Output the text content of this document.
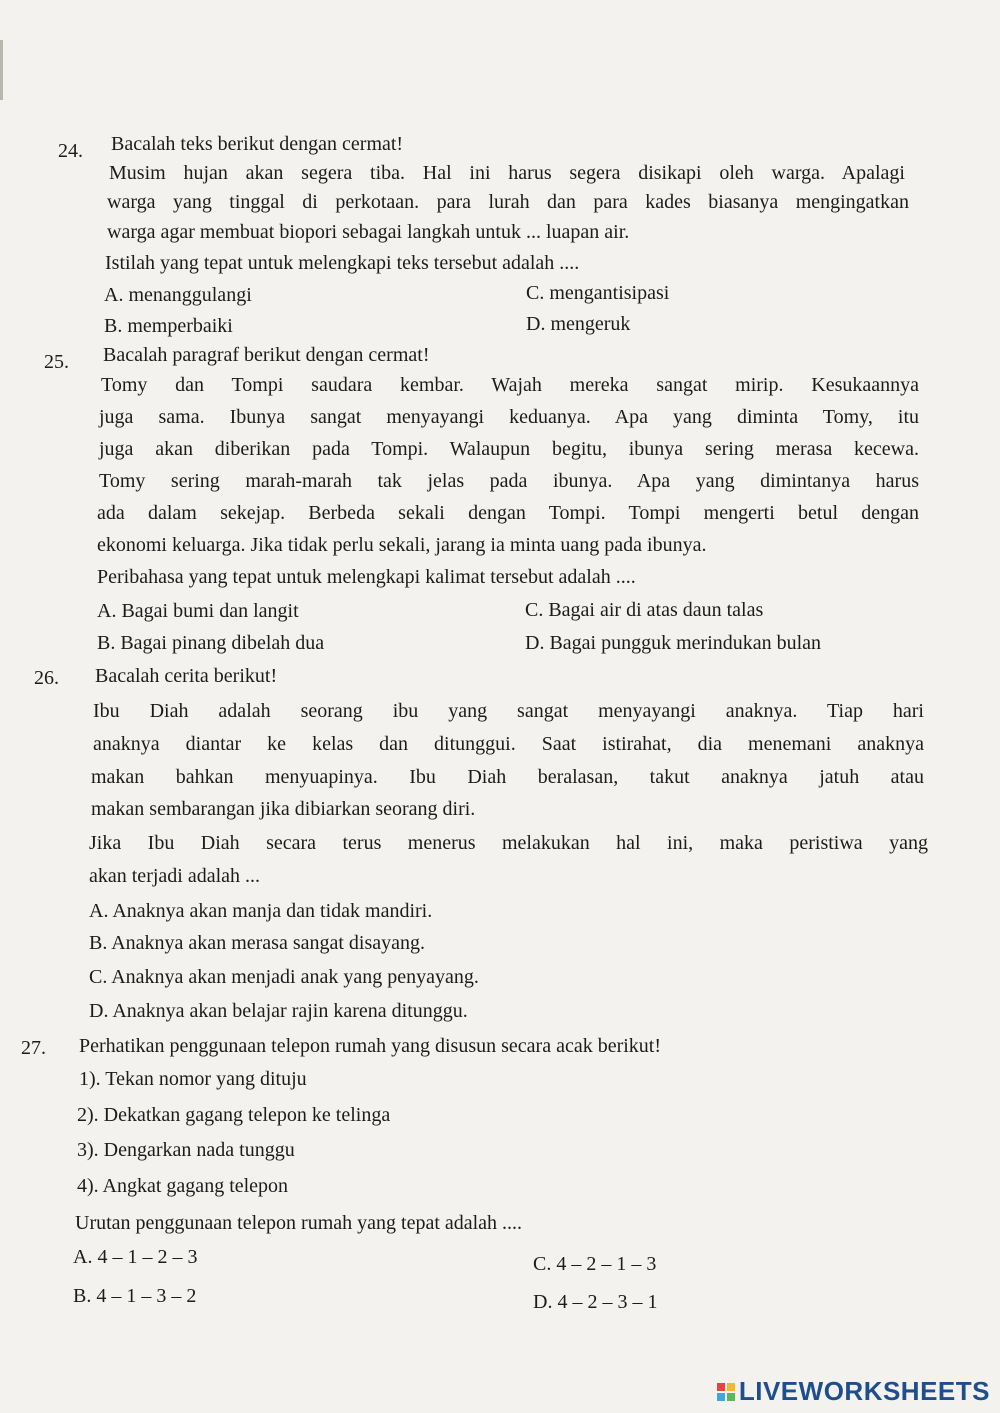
24. Bacalah teks berikut dengan cermat!
Musim hujan akan segera tiba. Hal ini harus segera disikapi oleh warga. Apalagi
warga yang tinggal di perkotaan. para lurah dan para kades biasanya mengingatkan
warga agar membuat biopori sebagai langkah untuk ... luapan air.
Istilah yang tepat untuk melengkapi teks tersebut adalah ....
A. menanggulangi
B. memperbaiki
C. mengantisipasi
D. mengeruk
25. Bacalah paragraf berikut dengan cermat!
Tomy dan Tompi saudara kembar. Wajah mereka sangat mirip. Kesukaannya
juga sama. Ibunya sangat menyayangi keduanya. Apa yang diminta Tomy, itu
juga akan diberikan pada Tompi. Walaupun begitu, ibunya sering merasa kecewa.
Tomy sering marah-marah tak jelas pada ibunya. Apa yang dimintanya harus
ada dalam sekejap. Berbeda sekali dengan Tompi. Tompi mengerti betul dengan
ekonomi keluarga. Jika tidak perlu sekali, jarang ia minta uang pada ibunya.
Peribahasa yang tepat untuk melengkapi kalimat tersebut adalah ....
A. Bagai bumi dan langit
B. Bagai pinang dibelah dua
C. Bagai air di atas daun talas
D. Bagai pungguk merindukan bulan
26. Bacalah cerita berikut!
Ibu Diah adalah seorang ibu yang sangat menyayangi anaknya. Tiap hari
anaknya diantar ke kelas dan ditunggui. Saat istirahat, dia menemani anaknya
makan bahkan menyuapinya. Ibu Diah beralasan, takut anaknya jatuh atau
makan sembarangan jika dibiarkan seorang diri.
Jika Ibu Diah secara terus menerus melakukan hal ini, maka peristiwa yang
akan terjadi adalah ...
A. Anaknya akan manja dan tidak mandiri.
B. Anaknya akan merasa sangat disayang.
C. Anaknya akan menjadi anak yang penyayang.
D. Anaknya akan belajar rajin karena ditunggu.
27. Perhatikan penggunaan telepon rumah yang disusun secara acak berikut!
1). Tekan nomor yang dituju
2). Dekatkan gagang telepon ke telinga
3). Dengarkan nada tunggu
4). Angkat gagang telepon
Urutan penggunaan telepon rumah yang tepat adalah ....
A. 4 – 1 – 2 – 3
B. 4 – 1 – 3 – 2
C. 4 – 2 – 1 – 3
D. 4 – 2 – 3 – 1
LIVEWORKSHEETS
